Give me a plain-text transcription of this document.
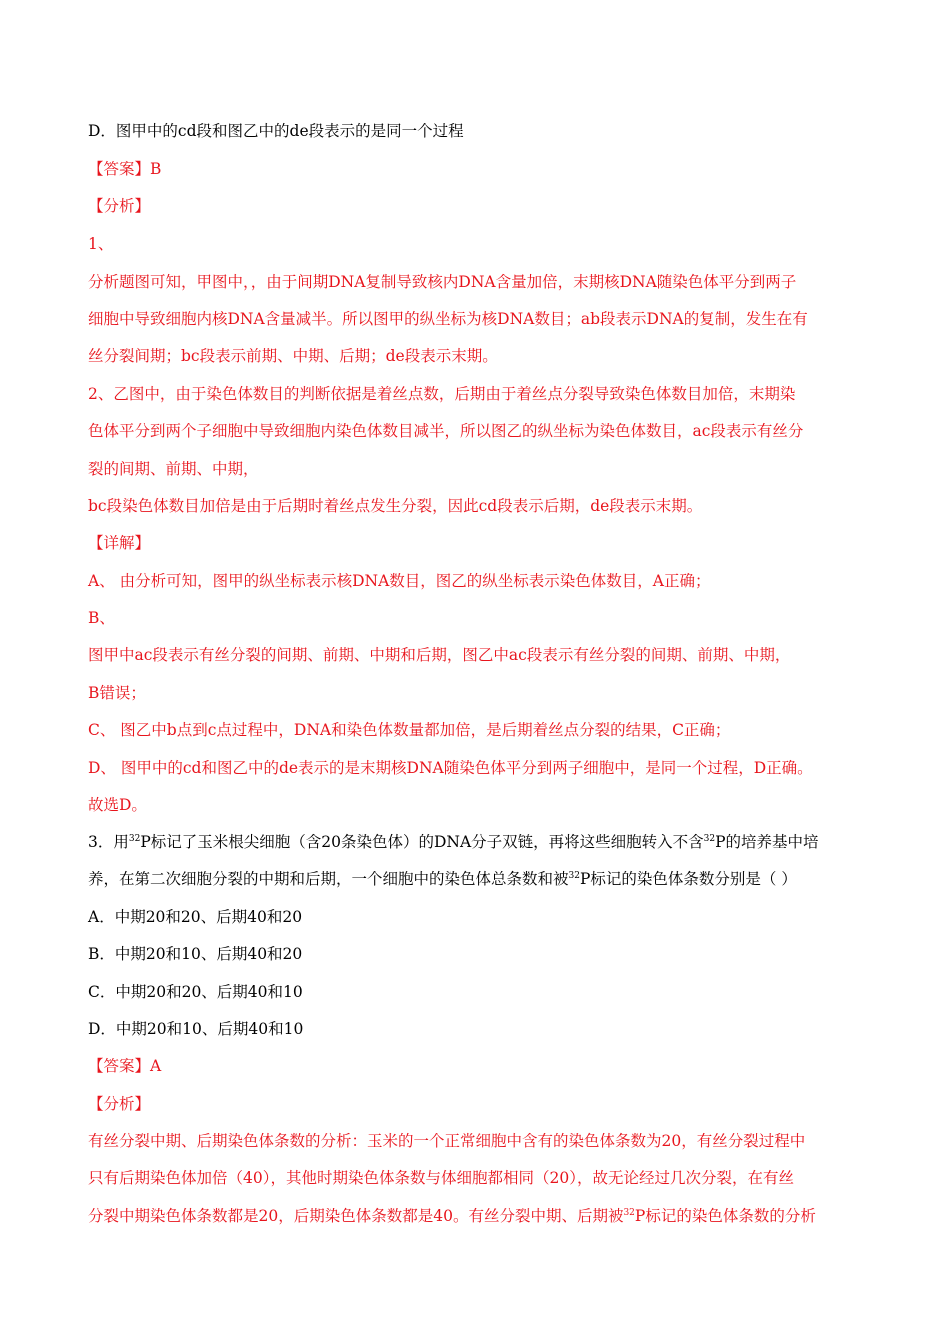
D．图甲中的cd段和图乙中的de段表示的是同一个过程
【答案】B
【分析】
1、
分析题图可知，甲图中，，由于间期DNA复制导致核内DNA含量加倍，末期核DNA随染色体平分到两子
细胞中导致细胞内核DNA含量减半。所以图甲的纵坐标为核DNA数目；ab段表示DNA的复制，发生在有
丝分裂间期；bc段表示前期、中期、后期；de段表示末期。
2、乙图中，由于染色体数目的判断依据是着丝点数，后期由于着丝点分裂导致染色体数目加倍，末期染
色体平分到两个子细胞中导致细胞内染色体数目减半，所以图乙的纵坐标为染色体数目，ac段表示有丝分
裂的间期、前期、中期，
bc段染色体数目加倍是由于后期时着丝点发生分裂，因此cd段表示后期，de段表示末期。
【详解】
A、 由分析可知，图甲的纵坐标表示核DNA数目，图乙的纵坐标表示染色体数目，A正确；
B、
图甲中ac段表示有丝分裂的间期、前期、中期和后期，图乙中ac段表示有丝分裂的间期、前期、中期，
B错误；
C、 图乙中b点到c点过程中，DNA和染色体数量都加倍，是后期着丝点分裂的结果，C正确；
D、 图甲中的cd和图乙中的de表示的是末期核DNA随染色体平分到两子细胞中，是同一个过程，D正确。
故选D。
3．用$^{32}$P标记了玉米根尖细胞（含20条染色体）的DNA分子双链，再将这些细胞转入不含$^{32}$P的培养基中培
养，在第二次细胞分裂的中期和后期，一个细胞中的染色体总条数和被$^{32}$P标记的染色体条数分别是（ ）
A．中期20和20、后期40和20
B．中期20和10、后期40和20
C．中期20和20、后期40和10
D．中期20和10、后期40和10
【答案】A
【分析】
有丝分裂中期、后期染色体条数的分析：玉米的一个正常细胞中含有的染色体条数为20，有丝分裂过程中
只有后期染色体加倍（40），其他时期染色体条数与体细胞都相同（20），故无论经过几次分裂，在有丝
分裂中期染色体条数都是20，后期染色体条数都是40。有丝分裂中期、后期被$^{32}$P标记的染色体条数的分析
